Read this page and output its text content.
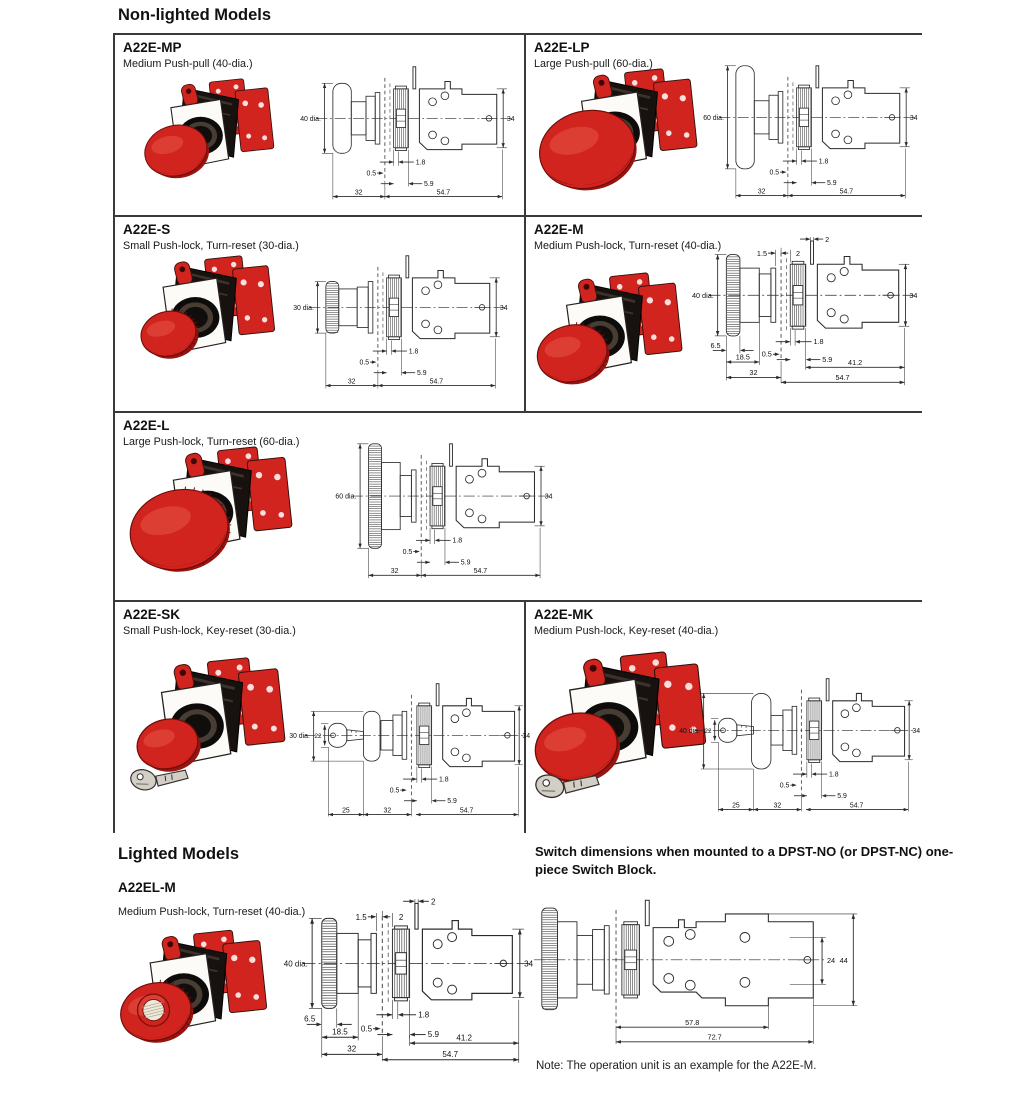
Non-lighted Models
A22E-MP
Medium Push-pull (40-dia.)
40 dia.	34
1.8
0.5
5.9
32	54.7
A22E-LP
Large Push-pull (60-dia.)
60 dia.	34
1.8
0.5
5.9
32	54.7
A22E-S
Small Push-lock, Turn-reset (30-dia.)
30 dia.	34
1.8
0.5
5.9
32	54.7
A22E-M
Medium Push-lock, Turn-reset (40-dia.)
40 dia.	34
1.8
0.5
5.9
1.5	2
2
6.5
18.5
32
41.2
54.7
A22E-L
Large Push-lock, Turn-reset (60-dia.)
60 dia.	34
1.8
0.5
5.9
32	54.7
A22E-SK
Small Push-lock, Key-reset (30-dia.)
30 dia. 22	34
1.8
0.5
5.9
25	32	54.7
A22E-MK
Medium Push-lock, Key-reset (40-dia.)
40 dia. 22	34
1.8
0.5
5.9
25	32	54.7
Lighted Models	Switch dimensions when mounted to a DPST-NO (or DPST-NC) one-piece Switch Block.
A22EL-M
Medium Push-lock, Turn-reset (40-dia.)
40 dia.	34
1.8
0.5
5.9
1.5	2
2
6.5
18.5
32
41.2
54.7
24 44
57.8
72.7
Note: The operation unit is an example for the A22E-M.
